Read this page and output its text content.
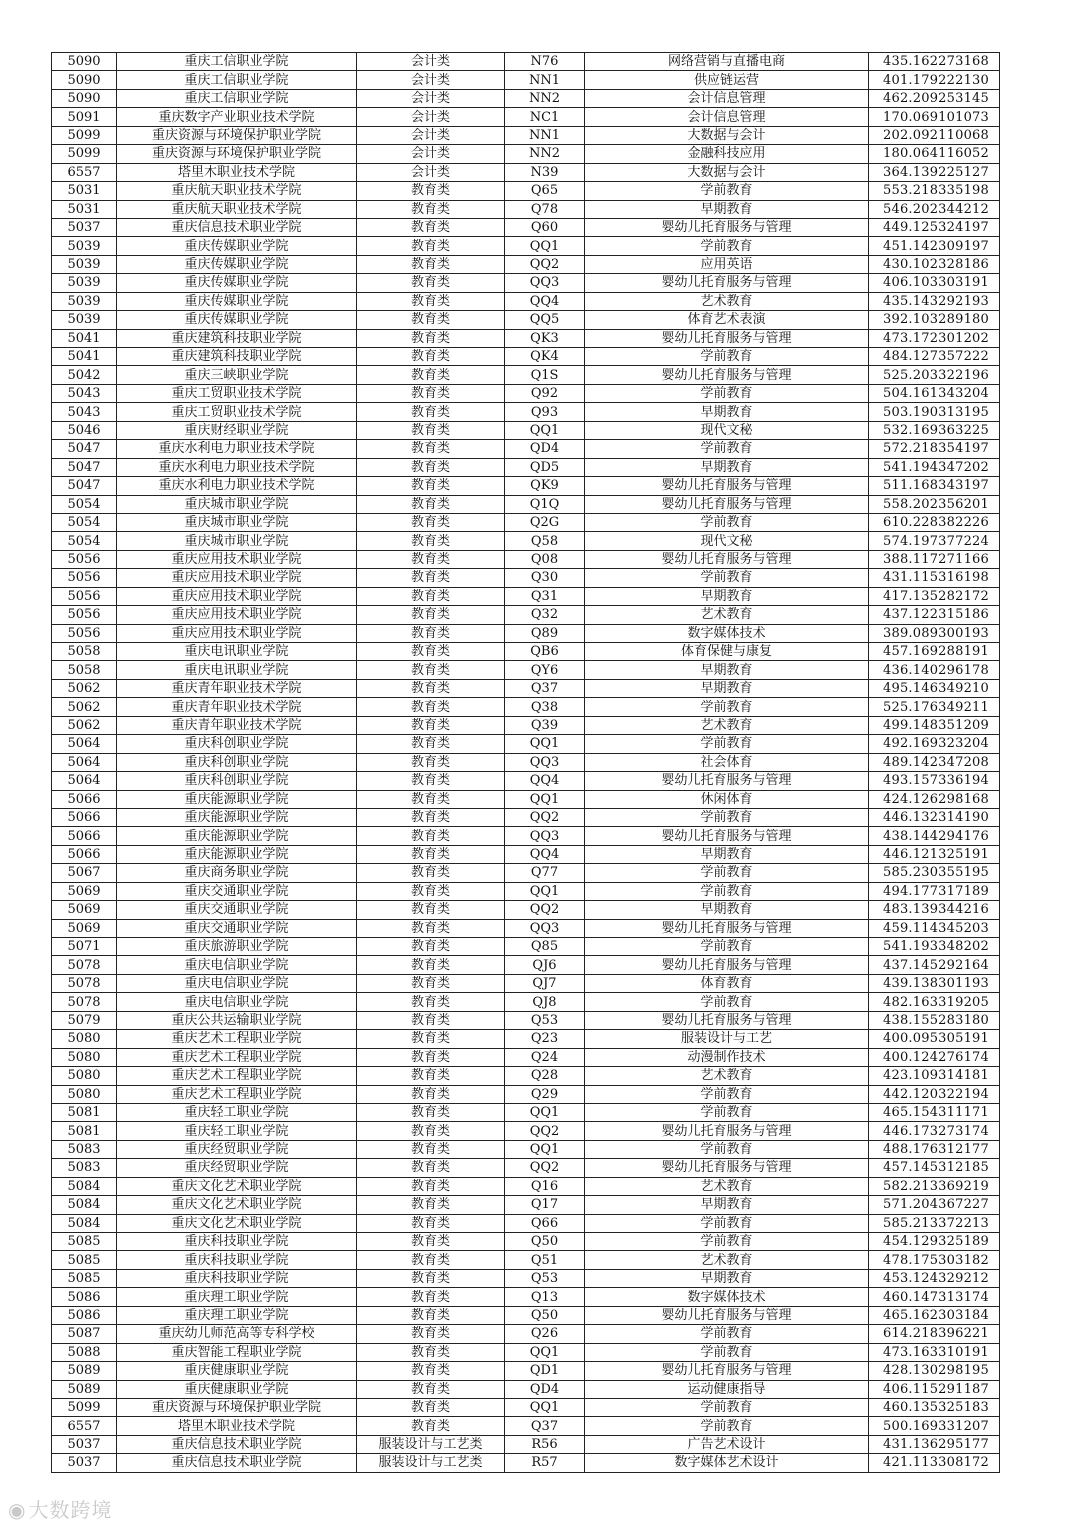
5090	重庆工信职业学院	会计类	N76	网络营销与直播电商	435.162273168
5090	重庆工信职业学院	会计类	NN1	供应链运营	401.179222130
5090	重庆工信职业学院	会计类	NN2	会计信息管理	462.209253145
5091	重庆数字产业职业技术学院	会计类	NC1	会计信息管理	170.069101073
5099	重庆资源与环境保护职业学院	会计类	NN1	大数据与会计	202.092110068
5099	重庆资源与环境保护职业学院	会计类	NN2	金融科技应用	180.064116052
6557	塔里木职业技术学院	会计类	N39	大数据与会计	364.139225127
5031	重庆航天职业技术学院	教育类	Q65	学前教育	553.218335198
5031	重庆航天职业技术学院	教育类	Q78	早期教育	546.202344212
5037	重庆信息技术职业学院	教育类	Q60	婴幼儿托育服务与管理	449.125324197
5039	重庆传媒职业学院	教育类	QQ1	学前教育	451.142309197
5039	重庆传媒职业学院	教育类	QQ2	应用英语	430.102328186
5039	重庆传媒职业学院	教育类	QQ3	婴幼儿托育服务与管理	406.103303191
5039	重庆传媒职业学院	教育类	QQ4	艺术教育	435.143292193
5039	重庆传媒职业学院	教育类	QQ5	体育艺术表演	392.103289180
5041	重庆建筑科技职业学院	教育类	QK3	婴幼儿托育服务与管理	473.172301202
5041	重庆建筑科技职业学院	教育类	QK4	学前教育	484.127357222
5042	重庆三峡职业学院	教育类	Q1S	婴幼儿托育服务与管理	525.203322196
5043	重庆工贸职业技术学院	教育类	Q92	学前教育	504.161343204
5043	重庆工贸职业技术学院	教育类	Q93	早期教育	503.190313195
5046	重庆财经职业学院	教育类	QQ1	现代文秘	532.169363225
5047	重庆水利电力职业技术学院	教育类	QD4	学前教育	572.218354197
5047	重庆水利电力职业技术学院	教育类	QD5	早期教育	541.194347202
5047	重庆水利电力职业技术学院	教育类	QK9	婴幼儿托育服务与管理	511.168343197
5054	重庆城市职业学院	教育类	Q1Q	婴幼儿托育服务与管理	558.202356201
5054	重庆城市职业学院	教育类	Q2G	学前教育	610.228382226
5054	重庆城市职业学院	教育类	Q58	现代文秘	574.197377224
5056	重庆应用技术职业学院	教育类	Q08	婴幼儿托育服务与管理	388.117271166
5056	重庆应用技术职业学院	教育类	Q30	学前教育	431.115316198
5056	重庆应用技术职业学院	教育类	Q31	早期教育	417.135282172
5056	重庆应用技术职业学院	教育类	Q32	艺术教育	437.122315186
5056	重庆应用技术职业学院	教育类	Q89	数字媒体技术	389.089300193
5058	重庆电讯职业学院	教育类	QB6	体育保健与康复	457.169288191
5058	重庆电讯职业学院	教育类	QY6	早期教育	436.140296178
5062	重庆青年职业技术学院	教育类	Q37	早期教育	495.146349210
5062	重庆青年职业技术学院	教育类	Q38	学前教育	525.176349211
5062	重庆青年职业技术学院	教育类	Q39	艺术教育	499.148351209
5064	重庆科创职业学院	教育类	QQ1	学前教育	492.169323204
5064	重庆科创职业学院	教育类	QQ3	社会体育	489.142347208
5064	重庆科创职业学院	教育类	QQ4	婴幼儿托育服务与管理	493.157336194
5066	重庆能源职业学院	教育类	QQ1	休闲体育	424.126298168
5066	重庆能源职业学院	教育类	QQ2	学前教育	446.132314190
5066	重庆能源职业学院	教育类	QQ3	婴幼儿托育服务与管理	438.144294176
5066	重庆能源职业学院	教育类	QQ4	早期教育	446.121325191
5067	重庆商务职业学院	教育类	Q77	学前教育	585.230355195
5069	重庆交通职业学院	教育类	QQ1	学前教育	494.177317189
5069	重庆交通职业学院	教育类	QQ2	早期教育	483.139344216
5069	重庆交通职业学院	教育类	QQ3	婴幼儿托育服务与管理	459.114345203
5071	重庆旅游职业学院	教育类	Q85	学前教育	541.193348202
5078	重庆电信职业学院	教育类	QJ6	婴幼儿托育服务与管理	437.145292164
5078	重庆电信职业学院	教育类	QJ7	体育教育	439.138301193
5078	重庆电信职业学院	教育类	QJ8	学前教育	482.163319205
5079	重庆公共运输职业学院	教育类	Q53	婴幼儿托育服务与管理	438.155283180
5080	重庆艺术工程职业学院	教育类	Q23	服装设计与工艺	400.095305191
5080	重庆艺术工程职业学院	教育类	Q24	动漫制作技术	400.124276174
5080	重庆艺术工程职业学院	教育类	Q28	艺术教育	423.109314181
5080	重庆艺术工程职业学院	教育类	Q29	学前教育	442.120322194
5081	重庆轻工职业学院	教育类	QQ1	学前教育	465.154311171
5081	重庆轻工职业学院	教育类	QQ2	婴幼儿托育服务与管理	446.173273174
5083	重庆经贸职业学院	教育类	QQ1	学前教育	488.176312177
5083	重庆经贸职业学院	教育类	QQ2	婴幼儿托育服务与管理	457.145312185
5084	重庆文化艺术职业学院	教育类	Q16	艺术教育	582.213369219
5084	重庆文化艺术职业学院	教育类	Q17	早期教育	571.204367227
5084	重庆文化艺术职业学院	教育类	Q66	学前教育	585.213372213
5085	重庆科技职业学院	教育类	Q50	学前教育	454.129325189
5085	重庆科技职业学院	教育类	Q51	艺术教育	478.175303182
5085	重庆科技职业学院	教育类	Q53	早期教育	453.124329212
5086	重庆理工职业学院	教育类	Q13	数字媒体技术	460.147313174
5086	重庆理工职业学院	教育类	Q50	婴幼儿托育服务与管理	465.162303184
5087	重庆幼儿师范高等专科学校	教育类	Q26	学前教育	614.218396221
5088	重庆智能工程职业学院	教育类	QQ1	学前教育	473.163310191
5089	重庆健康职业学院	教育类	QD1	婴幼儿托育服务与管理	428.130298195
5089	重庆健康职业学院	教育类	QD4	运动健康指导	406.115291187
5099	重庆资源与环境保护职业学院	教育类	QQ1	学前教育	460.135325183
6557	塔里木职业技术学院	教育类	Q37	学前教育	500.169331207
5037	重庆信息技术职业学院	服装设计与工艺类	R56	广告艺术设计	431.136295177
5037	重庆信息技术职业学院	服装设计与工艺类	R57	数字媒体艺术设计	421.113308172
◉ 大数跨境
